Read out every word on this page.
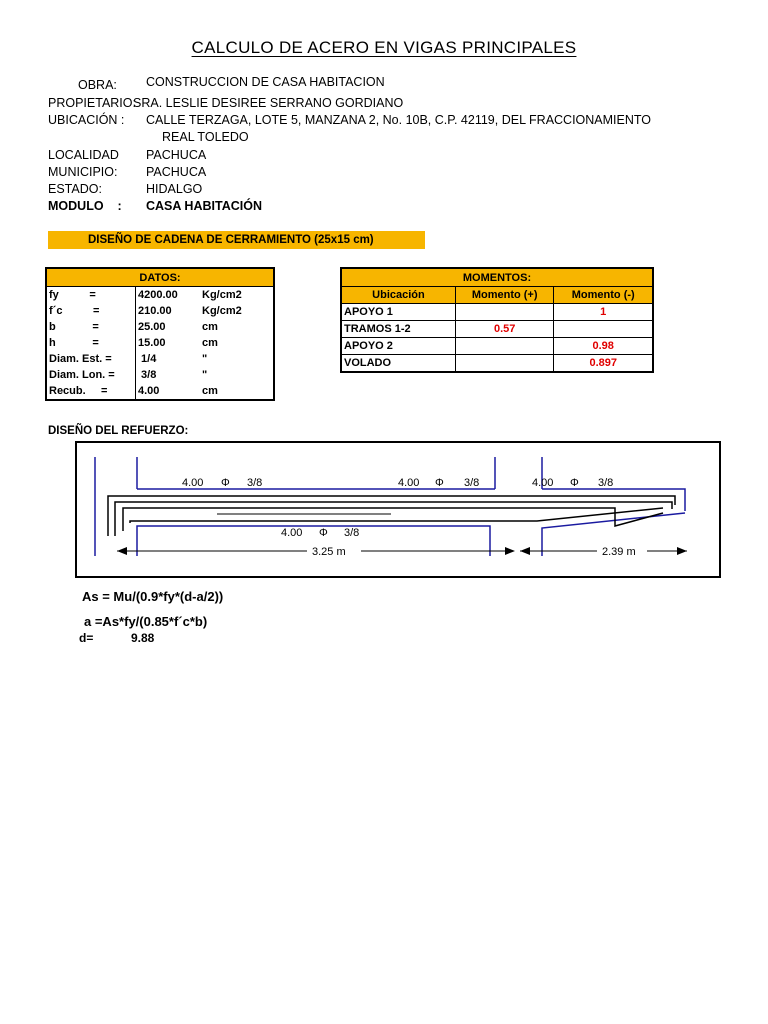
CALCULO DE ACERO EN VIGAS PRINCIPALES
OBRA: CONSTRUCCION DE CASA HABITACION
PROPIETARIO:
SRA. LESLIE DESIREE SERRANO GORDIANO
UBICACIÓN : CALLE TERZAGA, LOTE 5, MANZANA 2, No. 10B, C.P. 42119, DEL FRACCIONAMIENTO
REAL TOLEDO
LOCALIDAD PACHUCA
MUNICIPIO: PACHUCA
ESTADO:	HIDALGO
MODULO    : CASA HABITACIÓN
DISEÑO DE CADENA DE CERRAMIENTO (25x15 cm)
DATOS:		
fy          =	4200.00	Kg/cm2
f´c          =	210.00	Kg/cm2
b            =	25.00	cm
h            =	15.00	cm
Diam. Est. =	1/4	"
Diam. Lon. =	3/8	"
Recub.     =	4.00	cm
MOMENTOS:		
Ubicación	Momento (+)	Momento (-)
APOYO 1		1
TRAMOS 1-2	0.57	
APOYO 2		0.98
VOLADO		0.897
DISEÑO DEL REFUERZO:
4.00 Φ 3/8	4.00 Φ 3/8	4.00 Φ 3/8
4.00 Φ 3/8
3.25 m	2.39 m
As = Mu/(0.9*fy*(d-a/2))
a =As*fy/(0.85*f´c*b)
d=	9.88
